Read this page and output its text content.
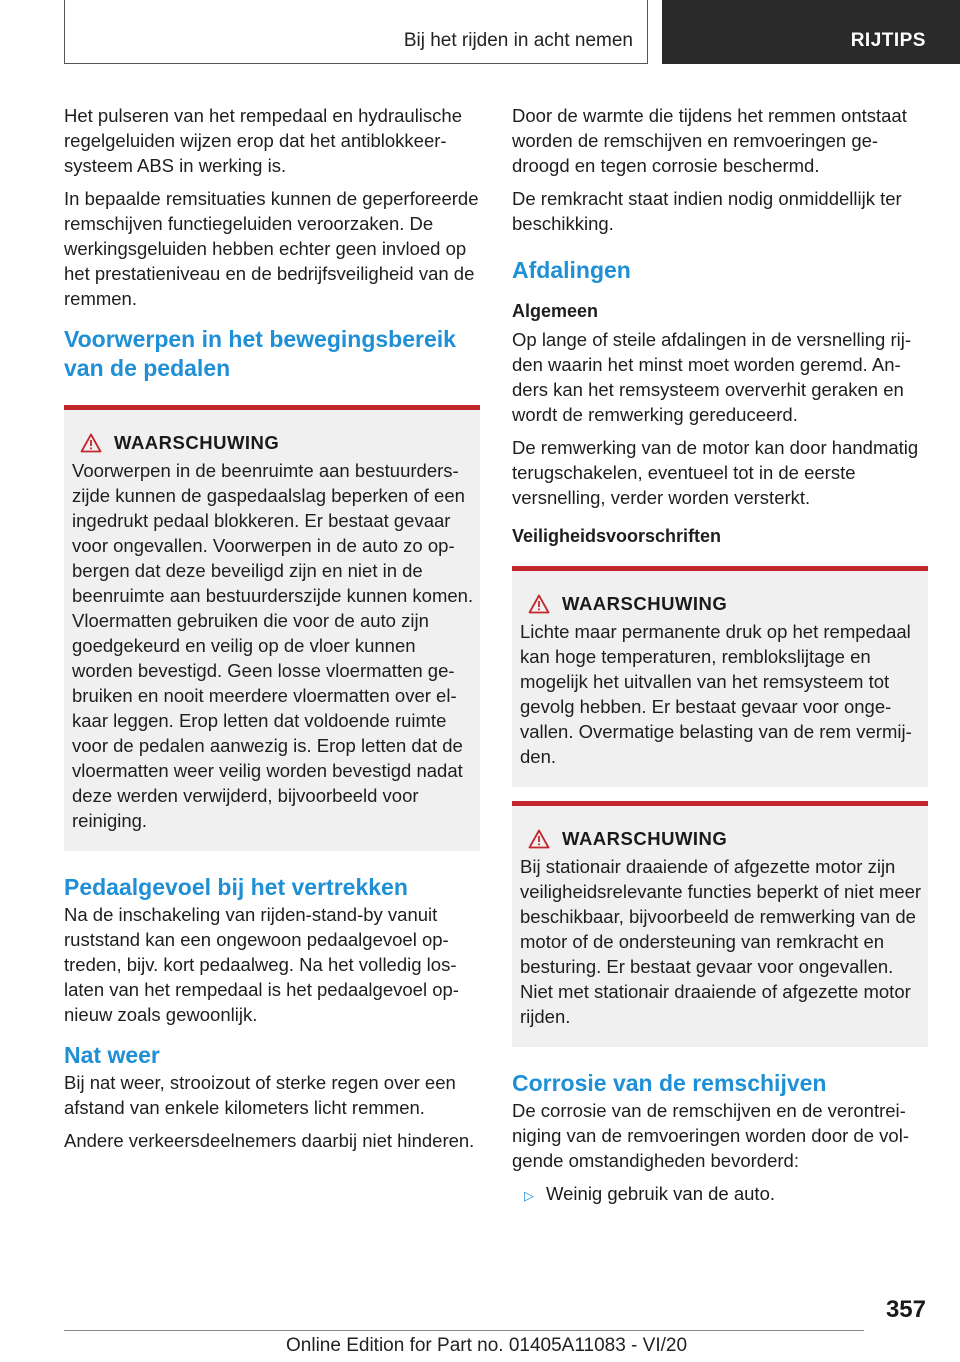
Bij het rijden in acht nemen	RIJTIPS

Het pulseren van het rempedaal en hydraulische regelgeluiden wijzen erop dat het antiblokkeersysteem ABS in werking is.

In bepaalde remsituaties kunnen de geperforeerde remschijven functiegeluiden veroorzaken. De werkingsgeluiden hebben echter geen invloed op het prestatieniveau en de bedrijfsveiligheid van de remmen.

Voorwerpen in het bewegingsbereik van de pedalen
WAARSCHUWING

Voorwerpen in de beenruimte aan bestuurderszijde kunnen de gaspedaalslag beperken of een ingedrukt pedaal blokkeren. Er bestaat gevaar voor ongevallen. Voorwerpen in de auto zo opbergen dat deze beveiligd zijn en niet in de beenruimte aan bestuurderszijde kunnen komen. Vloermatten gebruiken die voor de auto zijn goedgekeurd en veilig op de vloer kunnen worden bevestigd. Geen losse vloermatten gebruiken en nooit meerdere vloermatten over elkaar leggen. Erop letten dat voldoende ruimte voor de pedalen aanwezig is. Erop letten dat de vloermatten weer veilig worden bevestigd nadat deze werden verwijderd, bijvoorbeeld voor reiniging.

Pedaalgevoel bij het vertrekken

Na de inschakeling van rijden-stand-by vanuit ruststand kan een ongewoon pedaalgevoel optreden, bijv. kort pedaalweg. Na het volledig loslaten van het rempedaal is het pedaalgevoel opnieuw zoals gewoonlijk.

Nat weer

Bij nat weer, strooizout of sterke regen over een afstand van enkele kilometers licht remmen.

Andere verkeersdeelnemers daarbij niet hinderen.

Door de warmte die tijdens het remmen ontstaat worden de remschijven en remvoeringen gedroogd en tegen corrosie beschermd.

De remkracht staat indien nodig onmiddellijk ter beschikking.

Afdalingen
Algemeen

Op lange of steile afdalingen in de versnelling rijden waarin het minst moet worden geremd. Anders kan het remsysteem oververhit geraken en wordt de remwerking gereduceerd.

De remwerking van de motor kan door handmatig terugschakelen, eventueel tot in de eerste versnelling, verder worden versterkt.

Veiligheidsvoorschriften
WAARSCHUWING

Lichte maar permanente druk op het rempedaal kan hoge temperaturen, remblokslijtage en mogelijk het uitvallen van het remsysteem tot gevolg hebben. Er bestaat gevaar voor ongevallen. Overmatige belasting van de rem vermijden.

WAARSCHUWING

Bij stationair draaiende of afgezette motor zijn veiligheidsrelevante functies beperkt of niet meer beschikbaar, bijvoorbeeld de remwerking van de motor of de ondersteuning van remkracht en besturing. Er bestaat gevaar voor ongevallen. Niet met stationair draaiende of afgezette motor rijden.

Corrosie van de remschijven

De corrosie van de remschijven en de verontreiniging van de remvoeringen worden door de volgende omstandigheden bevorderd:

▷ Weinig gebruik van de auto.
357
Online Edition for Part no. 01405A11083 - VI/20
